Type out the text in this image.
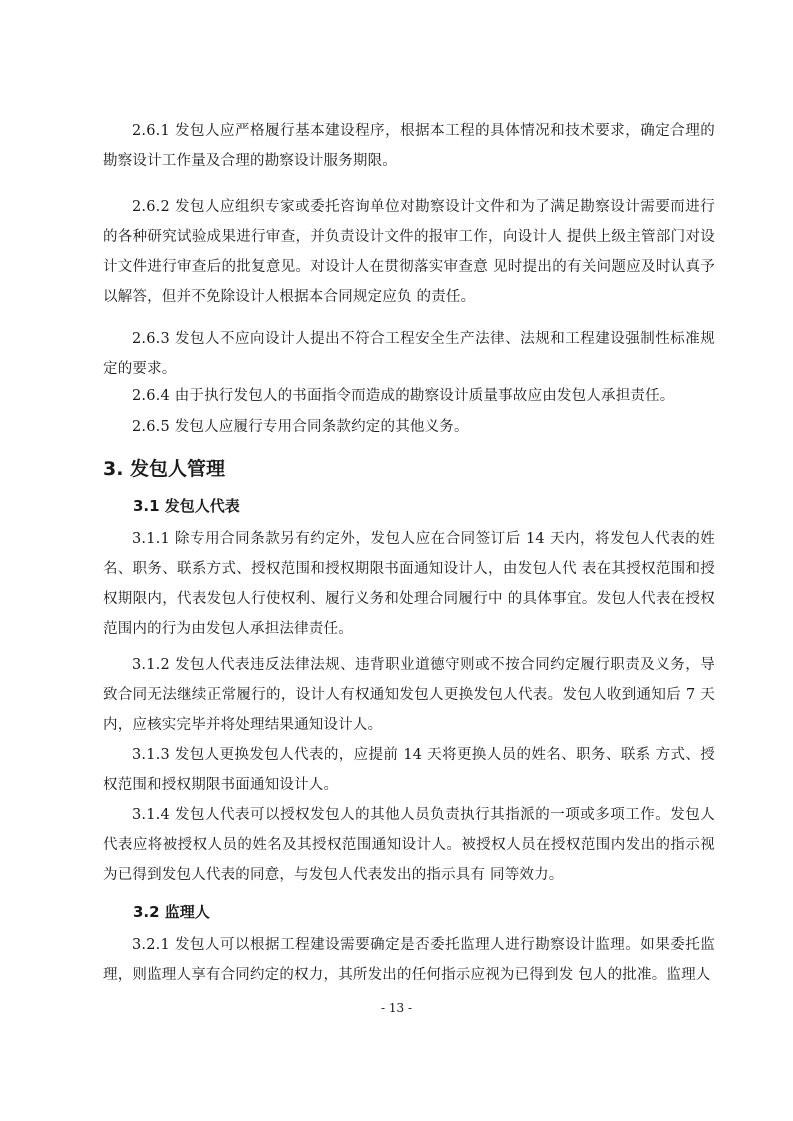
2.6.1 发包人应严格履行基本建设程序，根据本工程的具体情况和技术要求，确定合理的勘察设计工作量及合理的勘察设计服务期限。

2.6.2 发包人应组织专家或委托咨询单位对勘察设计文件和为了满足勘察设计需要而进行的各种研究试验成果进行审查，并负责设计文件的报审工作，向设计人 提供上级主管部门对设计文件进行审查后的批复意见。对设计人在贯彻落实审查意 见时提出的有关问题应及时认真予以解答，但并不免除设计人根据本合同规定应负 的责任。

2.6.3 发包人不应向设计人提出不符合工程安全生产法律、法规和工程建设强制性标准规定的要求。

2.6.4 由于执行发包人的书面指令而造成的勘察设计质量事故应由发包人承担责任。

2.6.5 发包人应履行专用合同条款约定的其他义务。

3. 发包人管理
3.1 发包人代表

3.1.1 除专用合同条款另有约定外，发包人应在合同签订后 14 天内，将发包人代表的姓名、职务、联系方式、授权范围和授权期限书面通知设计人，由发包人代 表在其授权范围和授权期限内，代表发包人行使权利、履行义务和处理合同履行中 的具体事宜。发包人代表在授权范围内的行为由发包人承担法律责任。

3.1.2 发包人代表违反法律法规、违背职业道德守则或不按合同约定履行职责及义务，导致合同无法继续正常履行的，设计人有权通知发包人更换发包人代表。发包人收到通知后 7 天内，应核实完毕并将处理结果通知设计人。

3.1.3 发包人更换发包人代表的，应提前 14 天将更换人员的姓名、职务、联系 方式、授权范围和授权期限书面通知设计人。

3.1.4 发包人代表可以授权发包人的其他人员负责执行其指派的一项或多项工作。发包人代表应将被授权人员的姓名及其授权范围通知设计人。被授权人员在授权范围内发出的指示视为已得到发包人代表的同意，与发包人代表发出的指示具有 同等效力。

3.2 监理人

3.2.1 发包人可以根据工程建设需要确定是否委托监理人进行勘察设计监理。如果委托监理，则监理人享有合同约定的权力，其所发出的任何指示应视为已得到发 包人的批准。监理人

- 13 -
